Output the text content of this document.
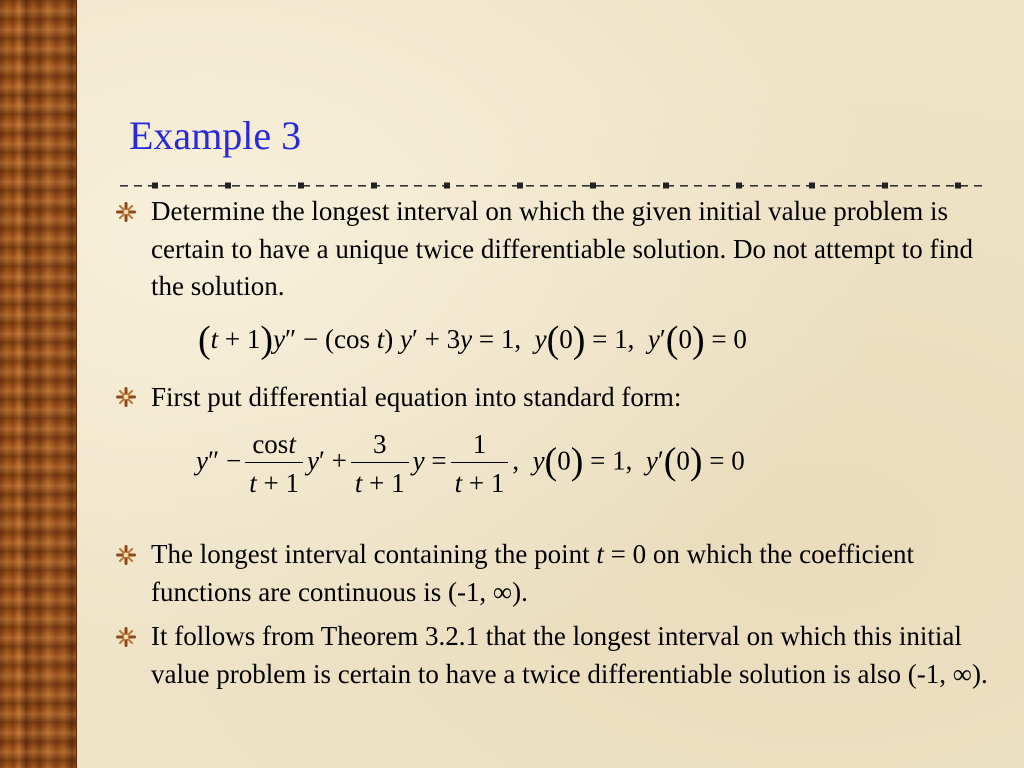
Example 3
Determine the longest interval on which the given initial value problem is certain to have a unique twice differentiable solution. Do not attempt to find the solution.
(t + 1)y″ − (cos t) y′ + 3y = 1,  y(0) = 1,  y′(0) = 0
First put differential equation into standard form:
$y'' - \frac{\cos t}{t + 1} y' + \frac{3}{t + 1}$ $y = \frac{1}{t + 1}$ ,  y(0) = 1,  y′(0) = 0
The longest interval containing the point t = 0 on which the coefficient functions are continuous is (-1, ∞).
It follows from Theorem 3.2.1 that the longest interval on which this initial value problem is certain to have a twice differentiable solution is also (-1, ∞).
